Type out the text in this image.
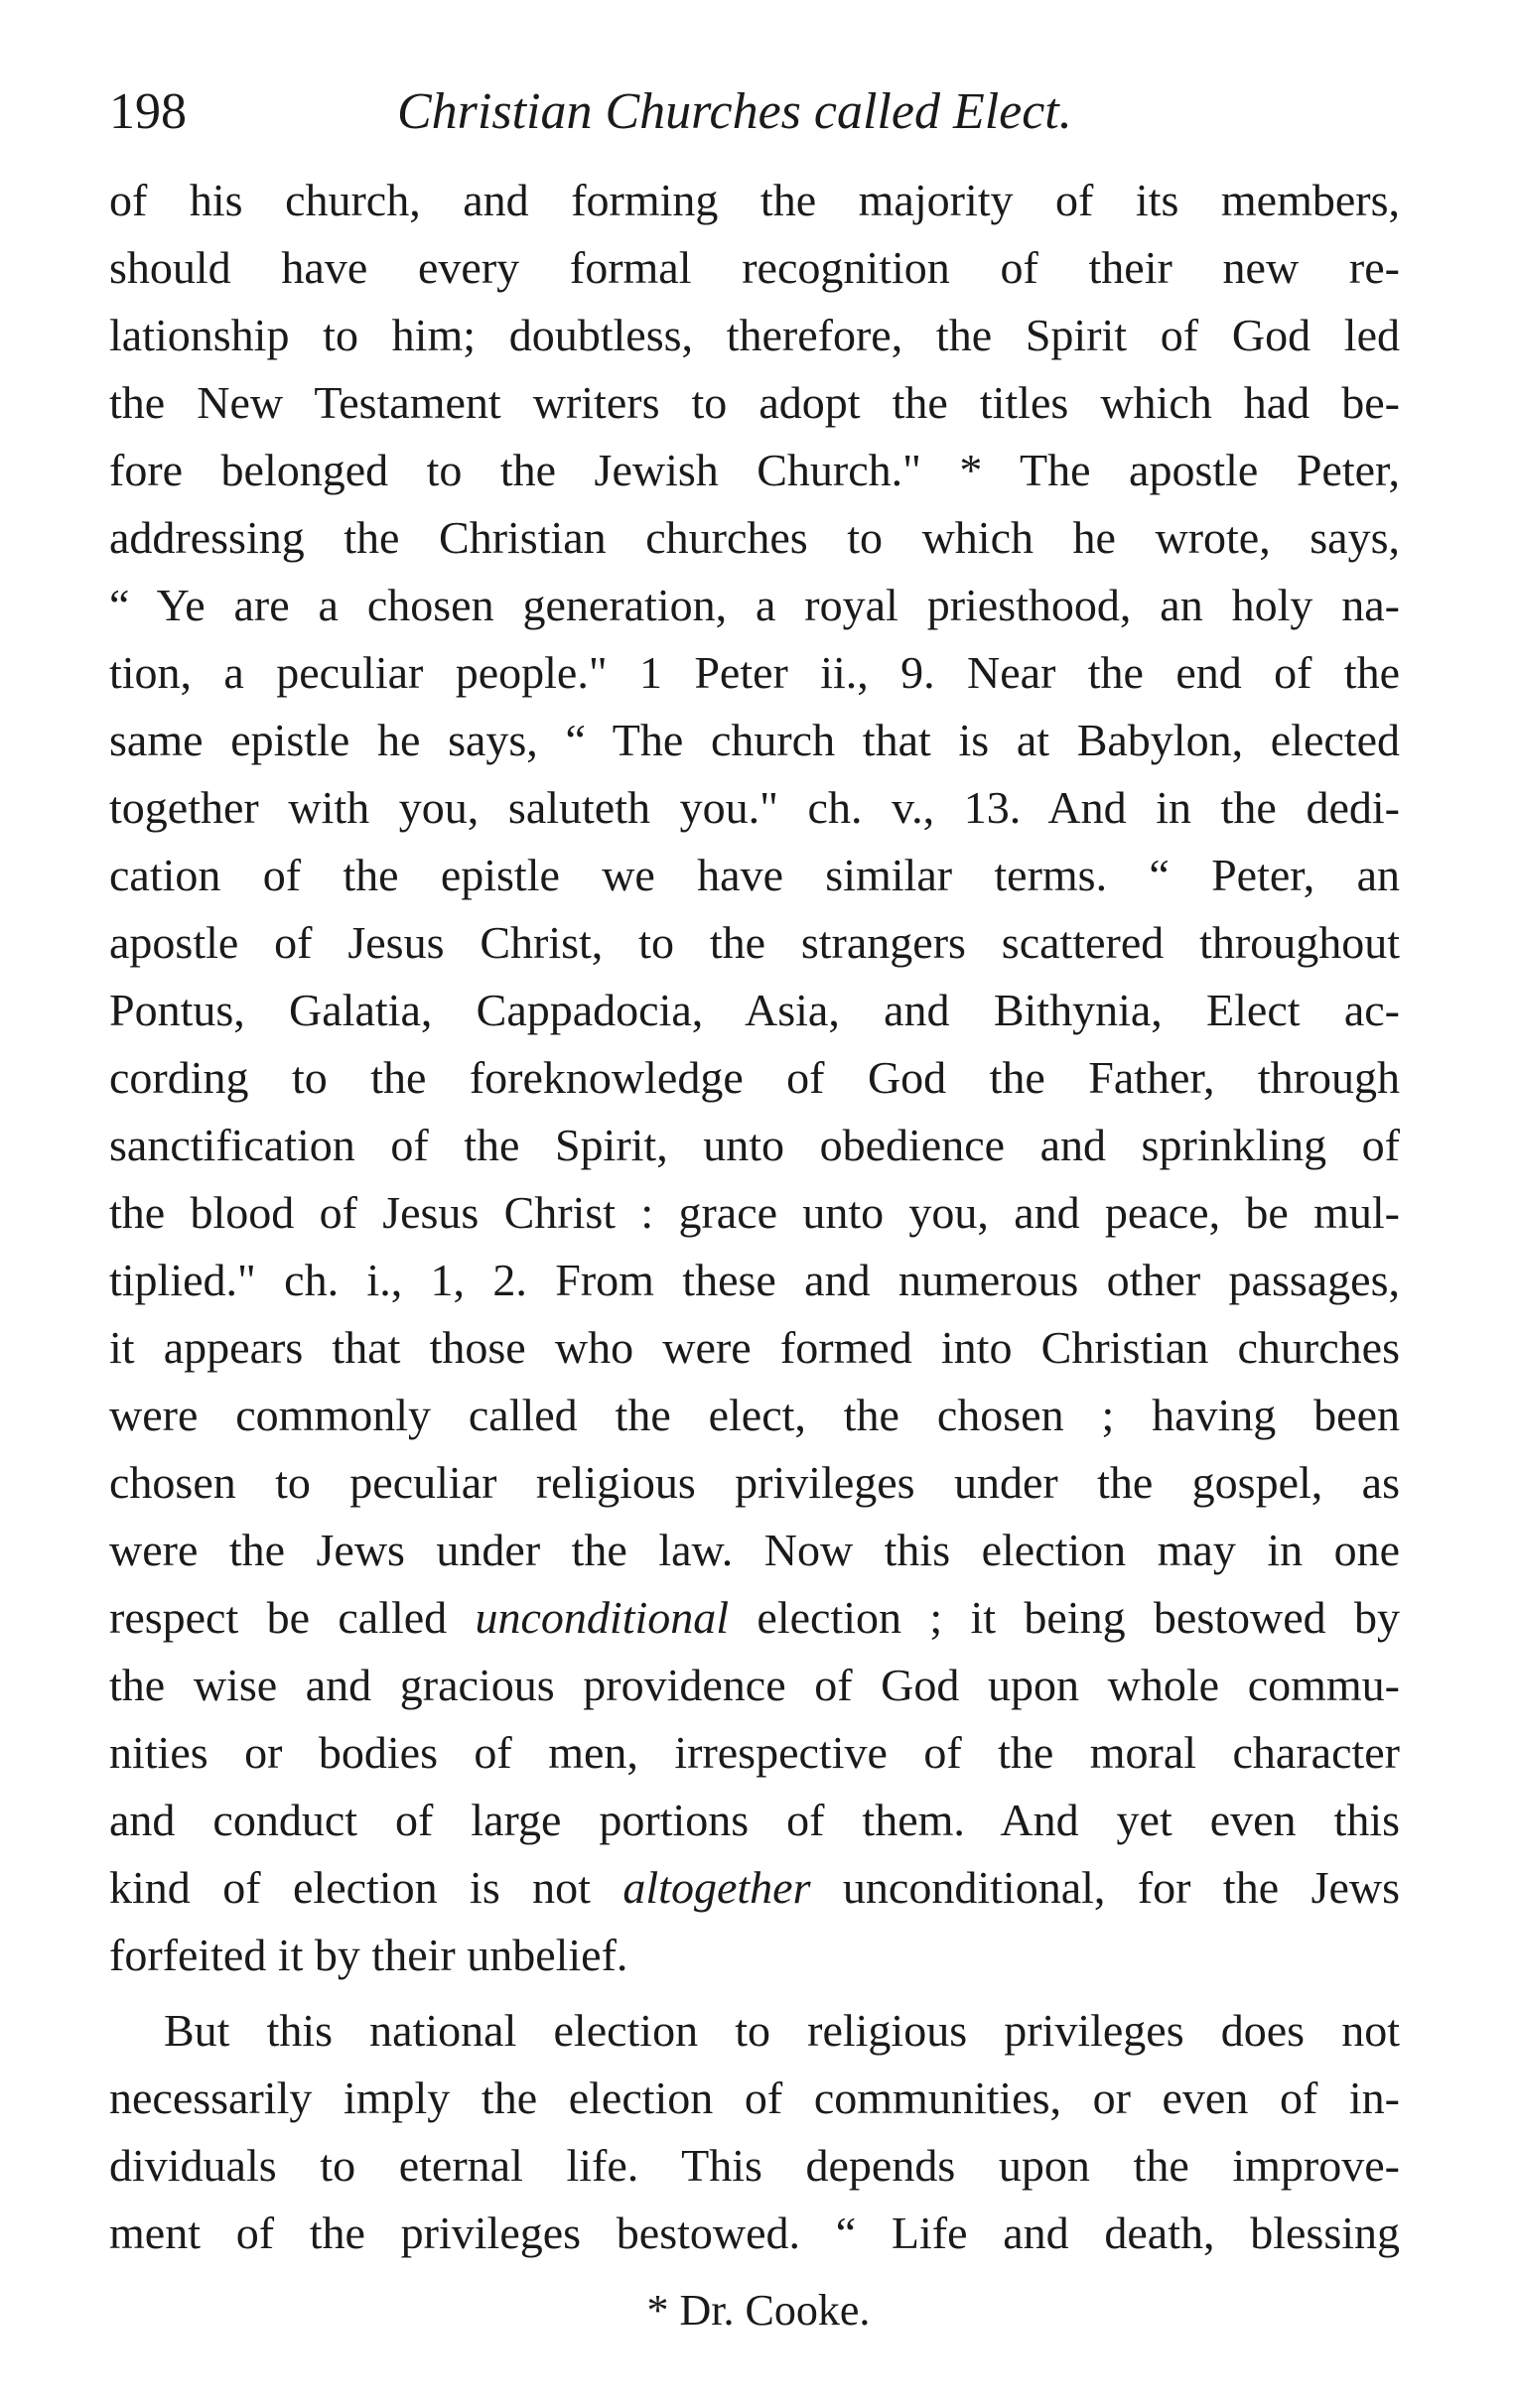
198	Christian Churches called Elect.
of his church, and forming the majority of its members,
should have every formal recognition of their new re-
lationship to him; doubtless, therefore, the Spirit of God led
the New Testament writers to adopt the titles which had be-
fore belonged to the Jewish Church." * The apostle Peter,
addressing the Christian churches to which he wrote, says,
“ Ye are a chosen generation, a royal priesthood, an holy na-
tion, a peculiar people." 1 Peter ii., 9. Near the end of the
same epistle he says, “ The church that is at Babylon, elected
together with you, saluteth you." ch. v., 13. And in the dedi-
cation of the epistle we have similar terms. “ Peter, an
apostle of Jesus Christ, to the strangers scattered throughout
Pontus, Galatia, Cappadocia, Asia, and Bithynia, Elect ac-
cording to the foreknowledge of God the Father, through
sanctification of the Spirit, unto obedience and sprinkling of
the blood of Jesus Christ : grace unto you, and peace, be mul-
tiplied." ch. i., 1, 2. From these and numerous other passages,
it appears that those who were formed into Christian churches
were commonly called the elect, the chosen ; having been
chosen to peculiar religious privileges under the gospel, as
were the Jews under the law. Now this election may in one
respect be called unconditional election ; it being bestowed by
the wise and gracious providence of God upon whole commu-
nities or bodies of men, irrespective of the moral character
and conduct of large portions of them. And yet even this
kind of election is not altogether unconditional, for the Jews
forfeited it by their unbelief.
But this national election to religious privileges does not
necessarily imply the election of communities, or even of in-
dividuals to eternal life. This depends upon the improve-
ment of the privileges bestowed. “ Life and death, blessing
* Dr. Cooke.
